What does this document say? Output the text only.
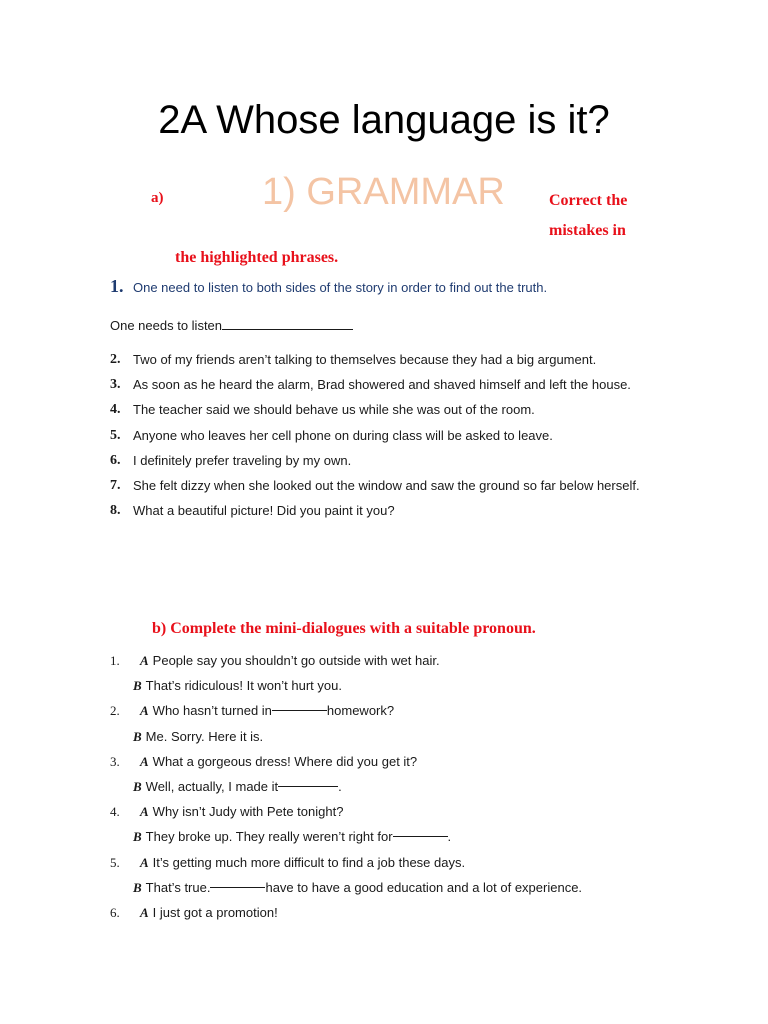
2A Whose language is it?
a)	1) GRAMMAR	Correct the mistakes in
the highlighted phrases.
1. One need to listen to both sides of the story in order to find out the truth.
One needs to listen
2. Two of my friends aren’t talking to themselves because they had a big argument.
3. As soon as he heard the alarm, Brad showered and shaved himself and left the house.
4. The teacher said we should behave us while she was out of the room.
5. Anyone who leaves her cell phone on during class will be asked to leave.
6. I definitely prefer traveling by my own.
7. She felt dizzy when she looked out the window and saw the ground so far below herself.
8. What a beautiful picture! Did you paint it you?
b) Complete the mini-dialogues with a suitable pronoun.
1.	A People say you shouldn’t go outside with wet hair.
B That’s ridiculous! It won’t hurt you.
2.	A Who hasn’t turned in	homework?
B Me. Sorry. Here it is.
3.	A What a gorgeous dress! Where did you get it?
B Well, actually, I made it	.
4.	A Why isn’t Judy with Pete tonight?
B They broke up. They really weren’t right for	.
5.	A It’s getting much more difficult to find a job these days.
B That’s true.	have to have a good education and a lot of experience.
6.	A I just got a promotion!
